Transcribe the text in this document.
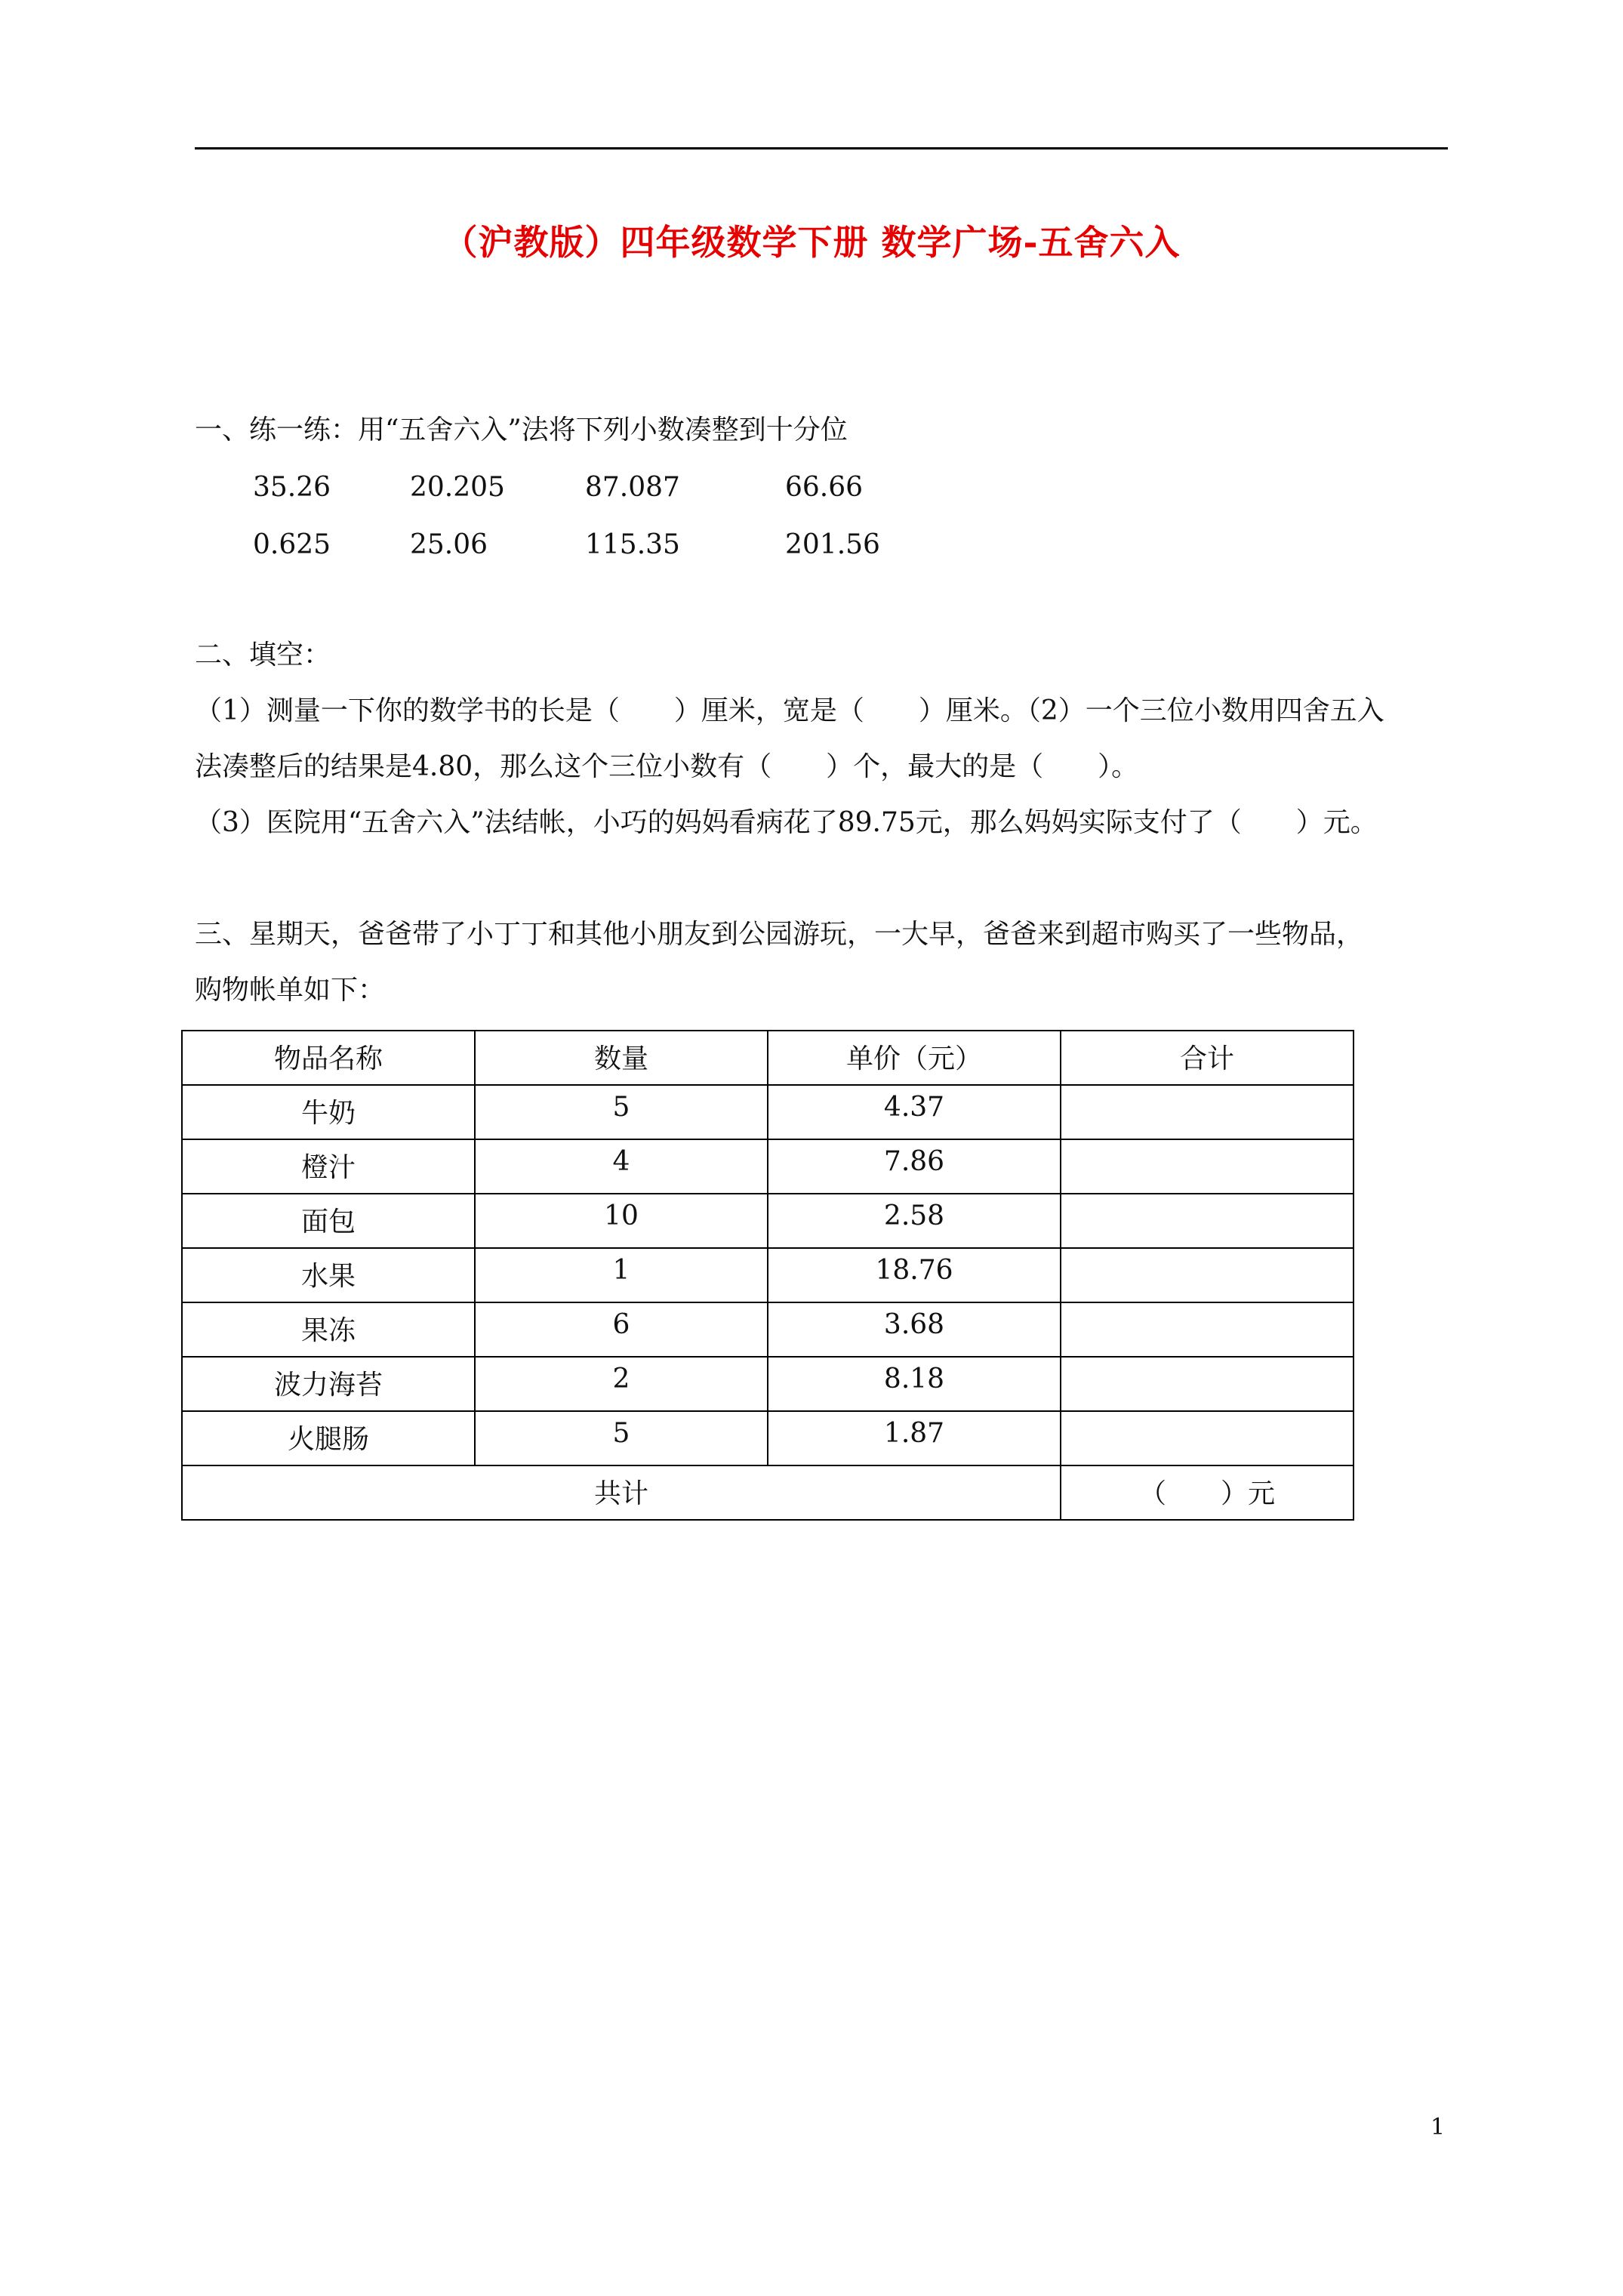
（沪教版）四年级数学下册 数学广场-五舍六入
一、练一练：用“五舍六入”法将下列小数凑整到十分位
35.26	20.205	87.087	66.66
0.625	25.06	115.35	201.56
二、填空：
（1）测量一下你的数学书的长是（　　）厘米，宽是（　　）厘米。（2）一个三位小数用四舍五入
法凑整后的结果是4.80，那么这个三位小数有（　　）个，最大的是（　　）。
（3）医院用“五舍六入”法结帐，小巧的妈妈看病花了89.75元，那么妈妈实际支付了（　　）元。
三、星期天，爸爸带了小丁丁和其他小朋友到公园游玩，一大早，爸爸来到超市购买了一些物品，
购物帐单如下：
物品名称	数量	单价（元）	合计
牛奶	5	4.37	
橙汁	4	7.86	
面包	10	2.58	
水果	1	18.76	
果冻	6	3.68	
波力海苔	2	8.18	
火腿肠	5	1.87	
共计			（　　）元
1
